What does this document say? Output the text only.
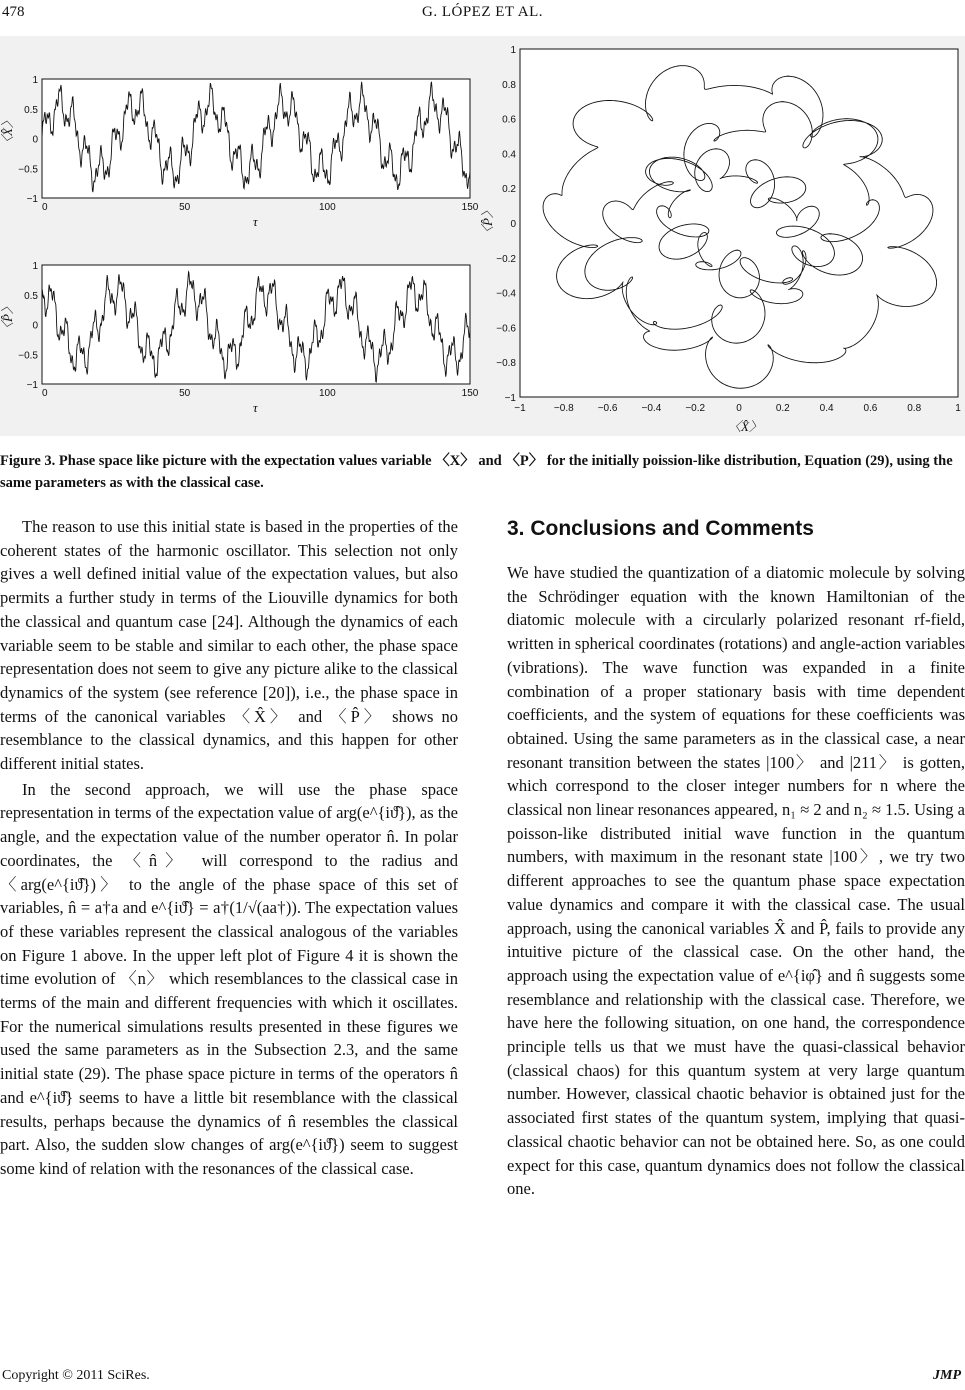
478	G. LÓPEZ ET AL.
0	50	100	150
1
0.5
0
−0.5
−1
〈X̂〉
τ
0	50	100	150
1
0.5
0
−0.5
−1
〈P̂〉
τ	−1	−0.8 −0.6 −0.4 −0.2	0	0.2	0.4	0.6	0.8	1
1
0.8
0.6
0.4
0.2
0
−0.2
−0.4
−0.6
−0.8
−1
〈P̂〉
〈X̂〉
Figure 3. Phase space like picture with the expectation values variable 〈X〉 and 〈P〉 for the initially poission-like distribution, Equation (29), using the same parameters as with the classical case.

The reason to use this initial state is based in the properties of the coherent states of the harmonic oscillator. This selection not only gives a well defined initial value of the expectation values, but also permits a further study in terms of the Liouville dynamics for both the classical and quantum case [24]. Although the dynamics of each variable seem to be stable and similar to each other, the phase space representation does not seem to give any picture alike to the classical dynamics of the system (see reference [20]), i.e., the phase space in terms of the canonical variables 〈X̂〉 and 〈P̂〉 shows no resemblance to the classical dynamics, and this happen for other different initial states.

In the second approach, we will use the phase space representation in terms of the expectation value of arg(e^{iϑ̂}), as the angle, and the expectation value of the number operator n̂. In polar coordinates, the 〈n̂〉 will correspond to the radius and 〈arg(e^{iϑ̂})〉 to the angle of the phase space of this set of variables, n̂ = a†a and e^{iϑ̂} = a†(1/√(aa†)). The expectation values of these variables represent the classical analogous of the variables on Figure 1 above. In the upper left plot of Figure 4 it is shown the time evolution of 〈n〉 which resemblances to the classical case in terms of the main and different frequencies with which it oscillates. For the numerical simulations results presented in these figures we used the same parameters as in the Subsection 2.3, and the same initial state (29). The phase space picture in terms of the operators n̂ and e^{iϑ̂} seems to have a little bit resemblance with the classical results, perhaps because the dynamics of n̂ resembles the classical part. Also, the sudden slow changes of arg(e^{iϑ̂}) seem to suggest some kind of relation with the resonances of the classical case.

3. Conclusions and Comments

We have studied the quantization of a diatomic molecule by solving the Schrödinger equation with the known Hamiltonian of the diatomic molecule with a circularly polarized resonant rf-field, written in spherical coordinates (rotations) and angle-action variables (vibrations). The wave function was expanded in a finite combination of a proper stationary basis with time dependent coefficients, and the system of equations for these coefficients was obtained. Using the same parameters as in the classical case, a near resonant transition between the states |100〉 and |211〉 is gotten, which correspond to the closer integer numbers for n where the classical non linear resonances appeared, n₁ ≈ 2 and n₂ ≈ 1.5. Using a poisson-like distributed initial wave function in the quantum numbers, with maximum in the resonant state |100〉, we try two different approaches to see the quantum phase space expectation value dynamics and compare it with the classical case. The usual approach, using the canonical variables X̂ and P̂, fails to provide any intuitive picture of the classical case. On the other hand, the approach using the expectation value of e^{iφ̂} and n̂ suggests some resemblance and relationship with the classical case. Therefore, we have here the following situation, on one hand, the correspondence principle tells us that we must have the quasi-classical behavior (classical chaos) for this quantum system at very large quantum number. However, classical chaotic behavior is obtained just for the associated first states of the quantum system, implying that quasi-classical chaotic behavior can not be obtained here. So, as one could expect for this case, quantum dynamics does not follow the classical one.

Copyright © 2011 SciRes.	JMP
